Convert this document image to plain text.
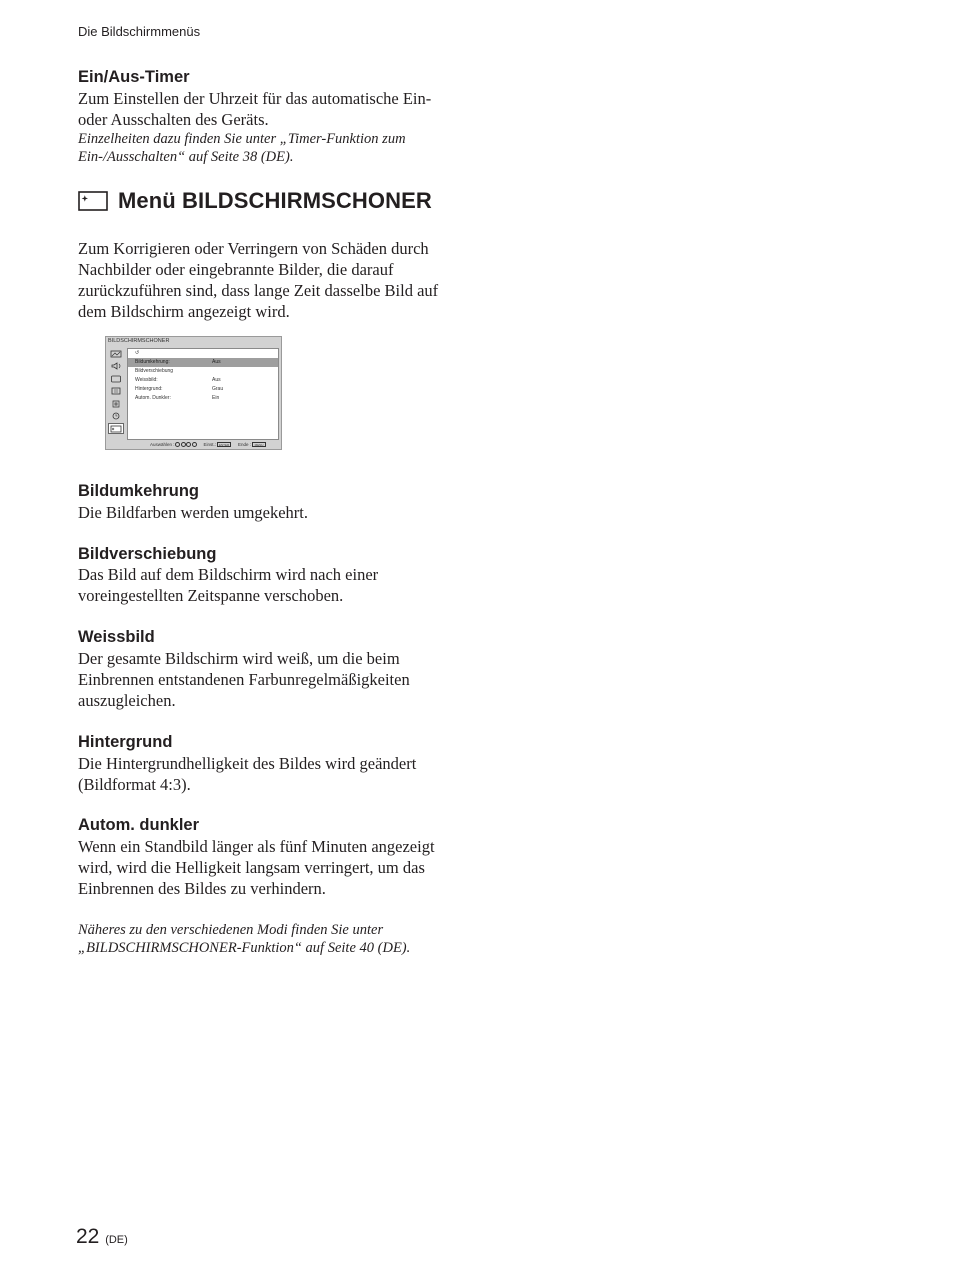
Die Bildschirmmenüs
Ein/Aus-Timer
Zum Einstellen der Uhrzeit für das automatische Ein-
oder Ausschalten des Geräts.
Einzelheiten dazu finden Sie unter „Timer-Funktion zum
Ein-/Ausschalten“ auf Seite 38 (DE).
Menü BILDSCHIRMSCHONER
Zum Korrigieren oder Verringern von Schäden durch
Nachbilder oder eingebrannte Bilder, die darauf
zurückzuführen sind, dass lange Zeit dasselbe Bild auf
dem Bildschirm angezeigt wird.
BILDSCHIRMSCHONER
↺
Bildumkehrung:	Aus
Bildverschiebung
Weissbild:	Aus
Hintergrund:	Grau
Autom. Dunkler:	Ein
Auswählen :	Einst.: ENTER	Ende :	MENU
Bildumkehrung
Die Bildfarben werden umgekehrt.
Bildverschiebung
Das Bild auf dem Bildschirm wird nach einer
voreingestellten Zeitspanne verschoben.
Weissbild
Der gesamte Bildschirm wird weiß, um die beim
Einbrennen entstandenen Farbunregelmäßigkeiten
auszugleichen.
Hintergrund
Die Hintergrundhelligkeit des Bildes wird geändert
(Bildformat 4:3).
Autom. dunkler
Wenn ein Standbild länger als fünf Minuten angezeigt
wird, wird die Helligkeit langsam verringert, um das
Einbrennen des Bildes zu verhindern.
Näheres zu den verschiedenen Modi finden Sie unter
„BILDSCHIRMSCHONER-Funktion“ auf Seite 40 (DE).
22 (DE)
